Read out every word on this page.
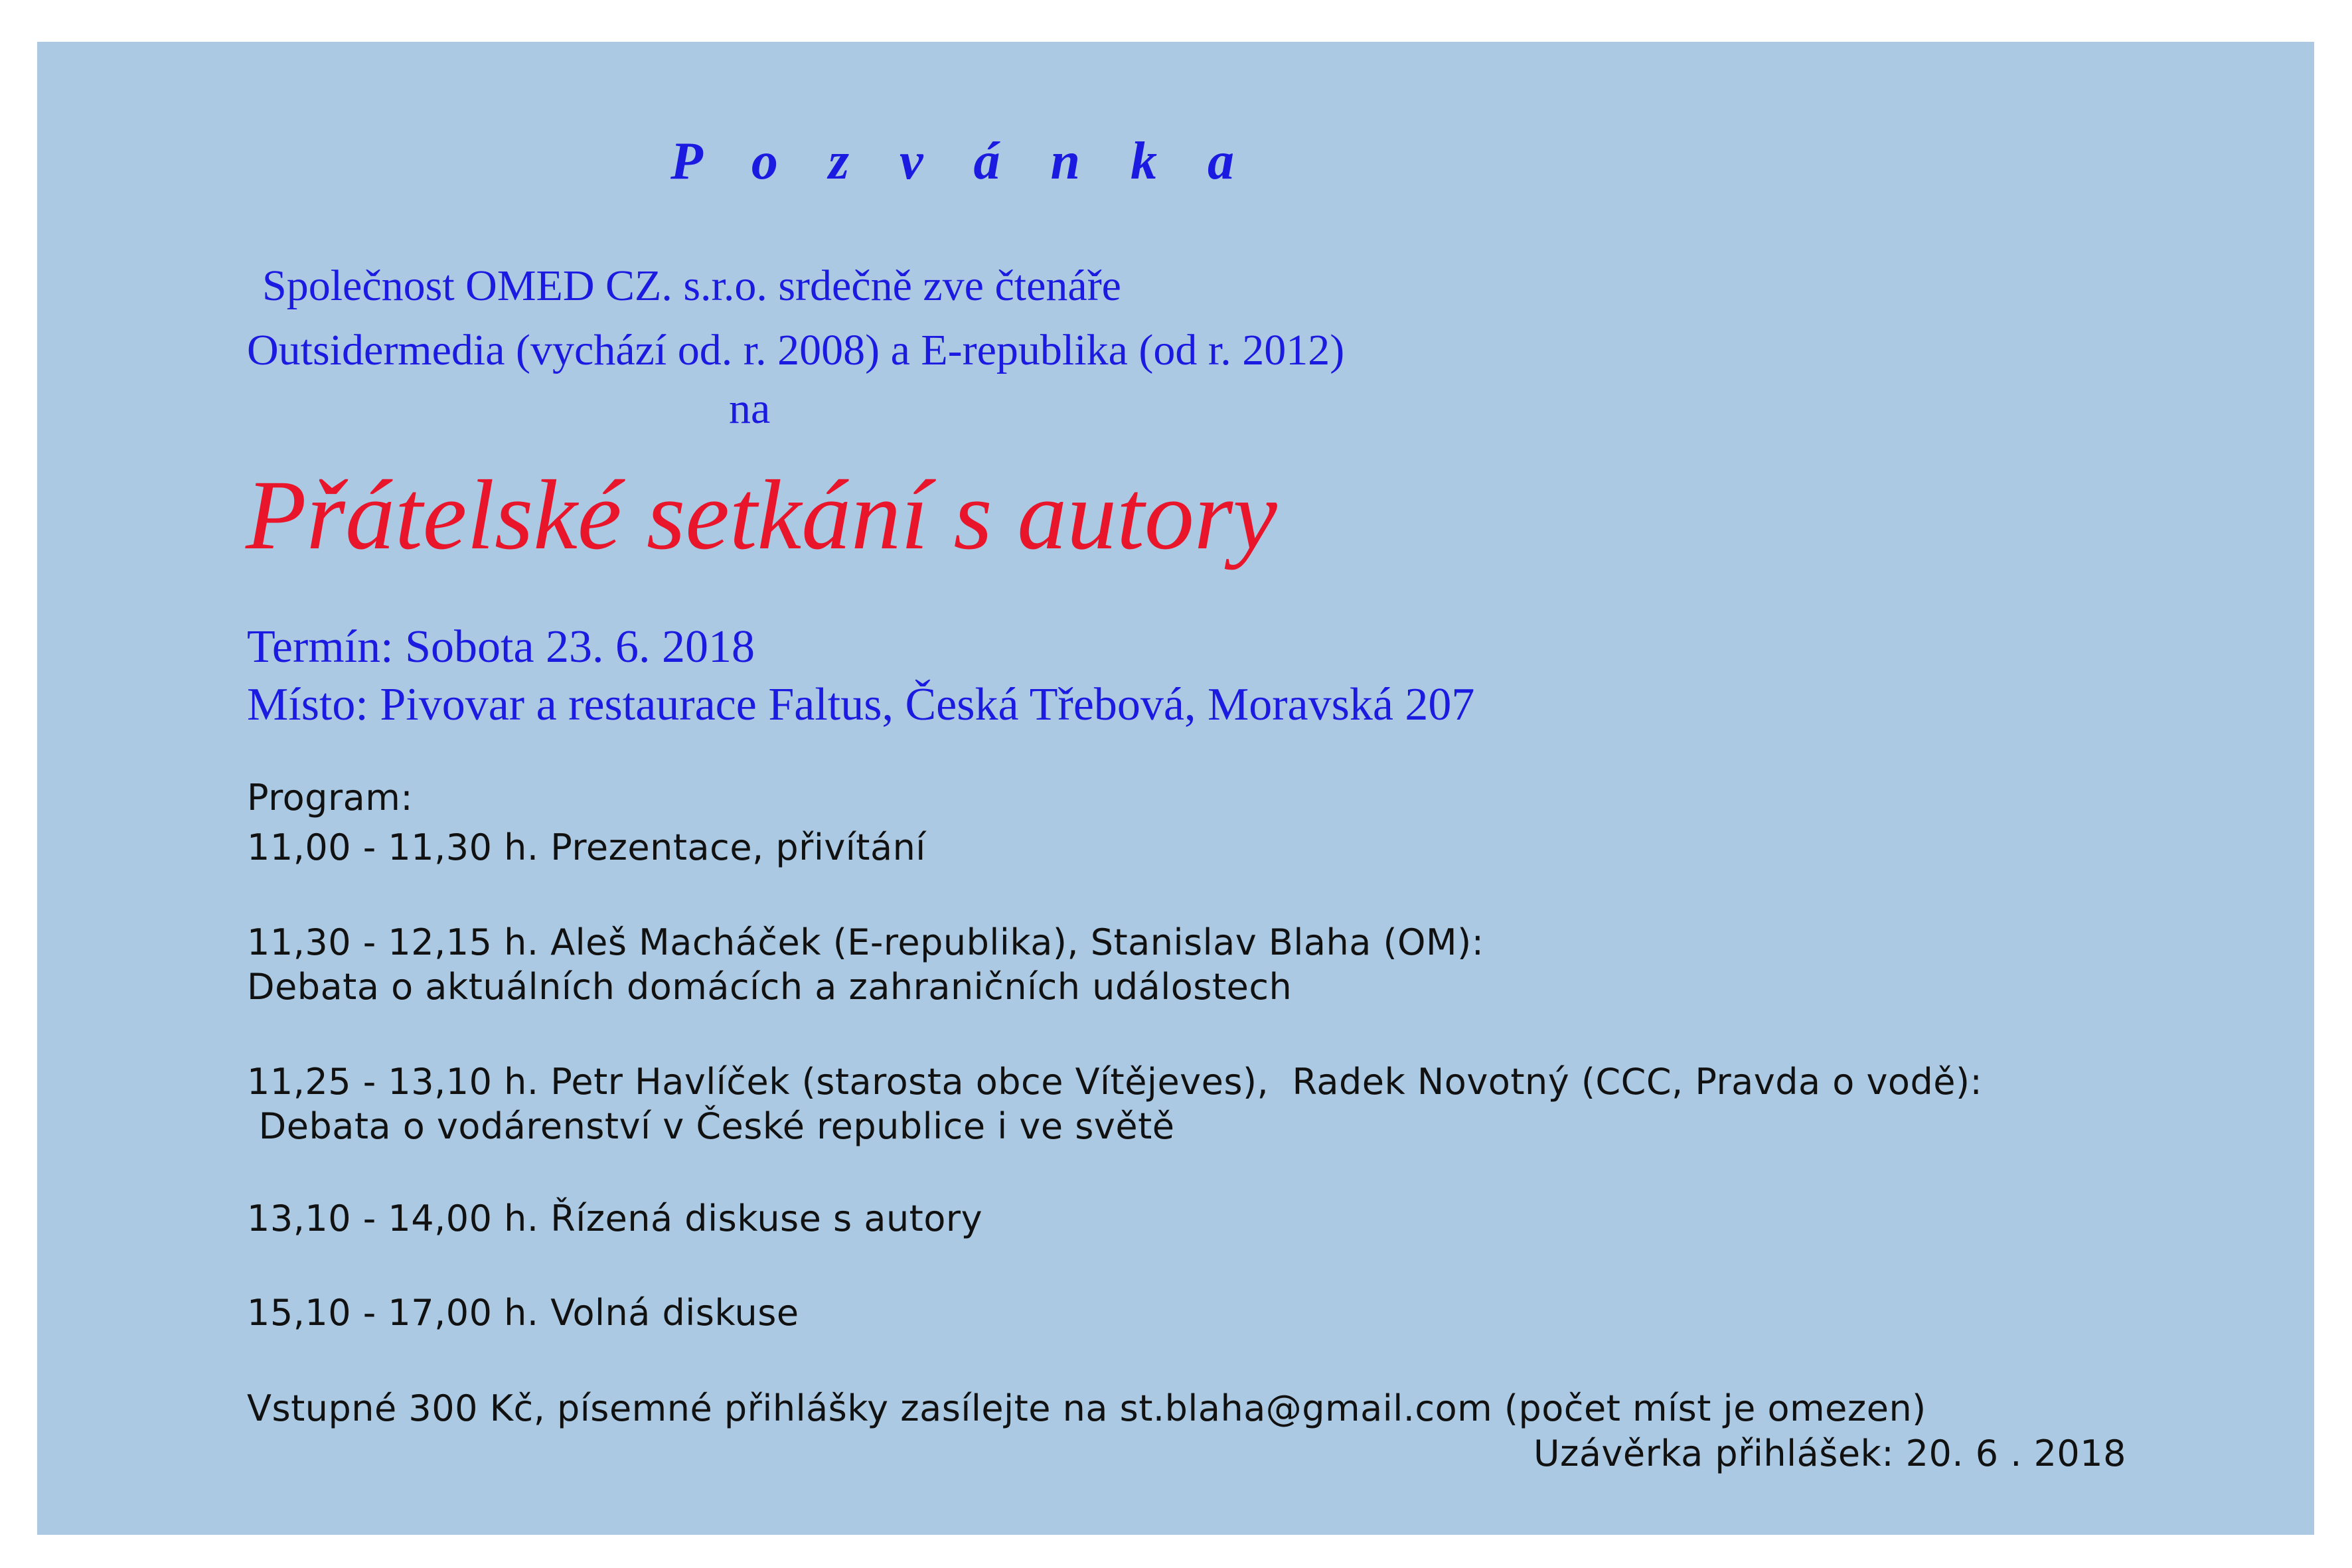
P o z v á n k a

Společnost OMED CZ. s.r.o. srdečně zve čtenáře

Outsidermedia (vychází od. r. 2008) a E-republika (od r. 2012)

na

Přátelské setkání s autory

Termín: Sobota 23. 6. 2018

Místo: Pivovar a restaurace Faltus, Česká Třebová, Moravská 207

Program:

11,00 - 11,30 h. Prezentace, přivítání

11,30 - 12,15 h. Aleš Macháček (E-republika), Stanislav Blaha (OM):

Debata o aktuálních domácích a zahraničních událostech

11,25 - 13,10 h. Petr Havlíček (starosta obce Vítějeves),  Radek Novotný (CCC, Pravda o vodě):

Debata o vodárenství v České republice i ve světě

13,10 - 14,00 h. Řízená diskuse s autory

15,10 - 17,00 h. Volná diskuse

Vstupné 300 Kč, písemné přihlášky zasílejte na st.blaha@gmail.com (počet míst je omezen)

Uzávěrka přihlášek: 20. 6 . 2018
